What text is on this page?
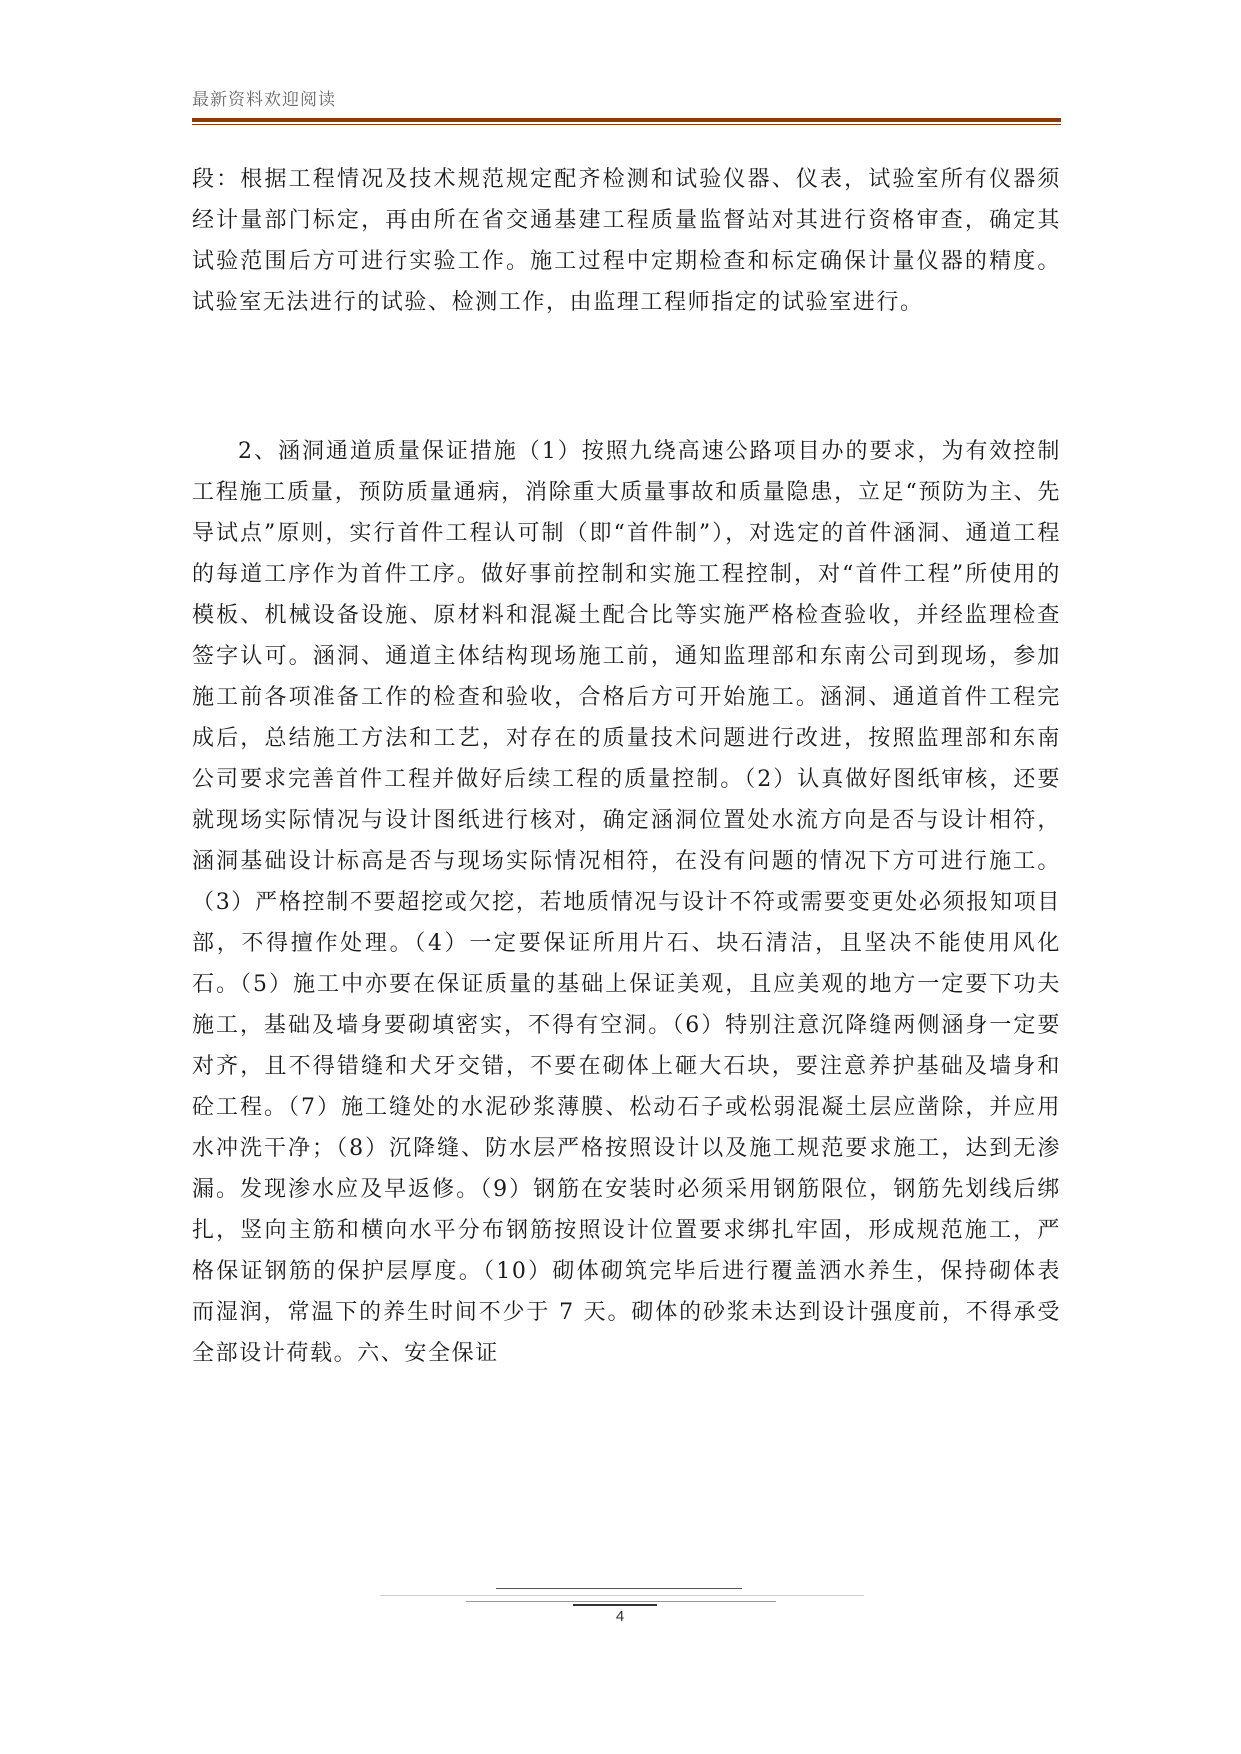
最新资料欢迎阅读

段：根据工程情况及技术规范规定配齐检测和试验仪器、仪表，试验室所有仪器须经计量部门标定，再由所在省交通基建工程质量监督站对其进行资格审查，确定其试验范围后方可进行实验工作。施工过程中定期检查和标定确保计量仪器的精度。试验室无法进行的试验、检测工作，由监理工程师指定的试验室进行。

2、涵洞通道质量保证措施（1）按照九绕高速公路项目办的要求，为有效控制工程施工质量，预防质量通病，消除重大质量事故和质量隐患，立足“预防为主、先导试点”原则，实行首件工程认可制（即“首件制”），对选定的首件涵洞、通道工程的每道工序作为首件工序。做好事前控制和实施工程控制，对“首件工程”所使用的模板、机械设备设施、原材料和混凝土配合比等实施严格检查验收，并经监理检查签字认可。涵洞、通道主体结构现场施工前，通知监理部和东南公司到现场，参加施工前各项准备工作的检查和验收，合格后方可开始施工。涵洞、通道首件工程完成后，总结施工方法和工艺，对存在的质量技术问题进行改进，按照监理部和东南公司要求完善首件工程并做好后续工程的质量控制。（2）认真做好图纸审核，还要就现场实际情况与设计图纸进行核对，确定涵洞位置处水流方向是否与设计相符，涵洞基础设计标高是否与现场实际情况相符，在没有问题的情况下方可进行施工。（3）严格控制不要超挖或欠挖，若地质情况与设计不符或需要变更处必须报知项目部，不得擅作处理。（4）一定要保证所用片石、块石清洁，且坚决不能使用风化石。（5）施工中亦要在保证质量的基础上保证美观，且应美观的地方一定要下功夫施工，基础及墙身要砌填密实，不得有空洞。（6）特别注意沉降缝两侧涵身一定要对齐，且不得错缝和犬牙交错，不要在砌体上砸大石块，要注意养护基础及墙身和砼工程。（7）施工缝处的水泥砂浆薄膜、松动石子或松弱混凝土层应凿除，并应用水冲洗干净；（8）沉降缝、防水层严格按照设计以及施工规范要求施工，达到无渗漏。发现渗水应及早返修。（9）钢筋在安装时必须采用钢筋限位，钢筋先划线后绑扎，竖向主筋和横向水平分布钢筋按照设计位置要求绑扎牢固，形成规范施工，严格保证钢筋的保护层厚度。（10）砌体砌筑完毕后进行覆盖洒水养生，保持砌体表而湿润，常温下的养生时间不少于 7 天。砌体的砂浆未达到设计强度前，不得承受全部设计荷载。六、安全保证

4
